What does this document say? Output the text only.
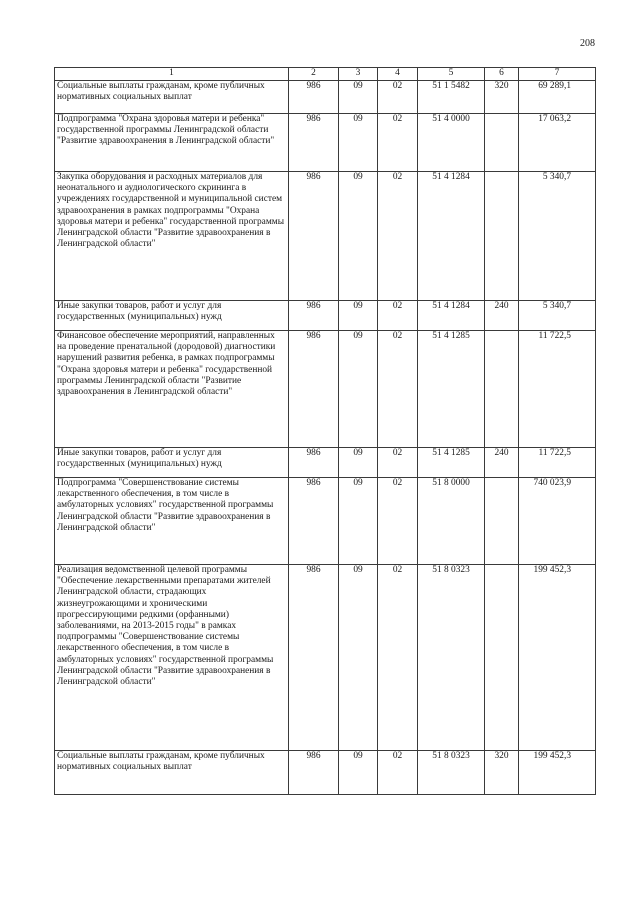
208
1	2	3	4	5	6	7
Социальные выплаты гражданам, кроме публичных нормативных социальных выплат	986	09	02	51 1 5482	320	69 289,1
Подпрограмма "Охрана здоровья матери и ребенка" государственной программы Ленинградской области "Развитие здравоохранения в Ленинградской области"	986	09	02	51 4 0000		17 063,2
Закупка оборудования и расходных материалов для неонатального и аудиологического скрининга в учреждениях государственной и муниципальной систем здравоохранения в рамках подпрограммы "Охрана здоровья матери и ребенка" государственной программы Ленинградской области "Развитие здравоохранения в Ленинградской области"	986	09	02	51 4 1284		5 340,7
Иные закупки товаров, работ и услуг для государственных (муниципальных) нужд	986	09	02	51 4 1284	240	5 340,7
Финансовое обеспечение мероприятий, направленных на проведение пренатальной (дородовой) диагностики нарушений развития ребенка, в рамках подпрограммы "Охрана здоровья матери и ребенка" государственной программы Ленинградской области "Развитие здравоохранения в Ленинградской области"	986	09	02	51 4 1285		11 722,5
Иные закупки товаров, работ и услуг для государственных (муниципальных) нужд	986	09	02	51 4 1285	240	11 722,5
Подпрограмма "Совершенствование системы лекарственного обеспечения, в том числе в амбулаторных условиях" государственной программы Ленинградской области "Развитие здравоохранения в Ленинградской области"	986	09	02	51 8 0000		740 023,9
Реализация ведомственной целевой программы "Обеспечение лекарственными препаратами жителей Ленинградской области, страдающих жизнеугрожающими и хроническими прогрессирующими редкими (орфанными) заболеваниями, на 2013-2015 годы" в рамках подпрограммы "Совершенствование системы лекарственного обеспечения, в том числе в амбулаторных условиях" государственной программы Ленинградской области "Развитие здравоохранения в Ленинградской области"	986	09	02	51 8 0323		199 452,3
Социальные выплаты гражданам, кроме публичных нормативных социальных выплат	986	09	02	51 8 0323	320	199 452,3
